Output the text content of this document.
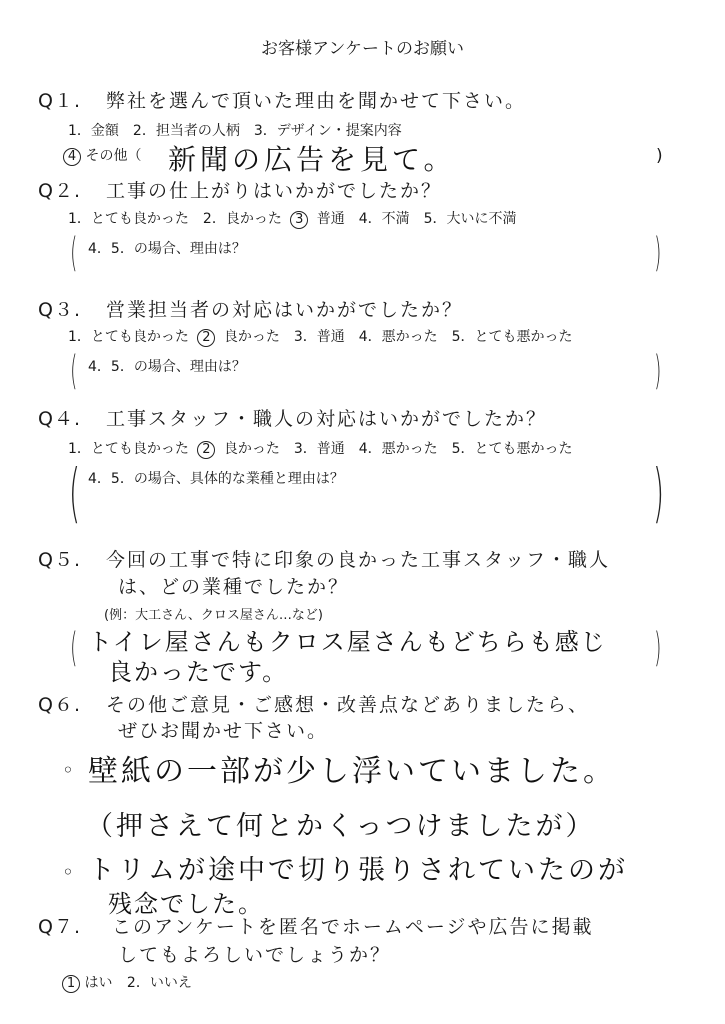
お客様アンケートのお願い
Q１. 弊社を選んで頂いた理由を聞かせて下さい。
1．金額　2．担当者の人柄　3．デザイン・提案内容
4 その他（ 新聞の広告を見て。	)
Q２. 工事の仕上がりはいかがでしたか？
1．とても良かった　2．良かった 3 普通　4．不満　5．大いに不満
( 4．5．の場合、理由は？	)
Q３. 営業担当者の対応はいかがでしたか？
1．とても良かった 2 良かった　3．普通　4．悪かった　5．とても悪かった
( 4．5．の場合、理由は？	)
Q４. 工事スタッフ・職人の対応はいかがでしたか？
1．とても良かった 2 良かった　3．普通　4．悪かった　5．とても悪かった
( 4．5．の場合、具体的な業種と理由は？	)
Q５. 今回の工事で特に印象の良かった工事スタッフ・職人
は、どの業種でしたか？
(例：大工さん、クロス屋さん…など)
( トイレ屋さんもクロス屋さんもどちらも感じ
良かったです。
)
Q６. その他ご意見・ご感想・改善点などありましたら、
ぜひお聞かせ下さい。
◦ 壁紙の一部が少し浮いていました。
（押さえて何とかくっつけましたが）
◦ トリムが途中で切り張りされていたのが
残念でした。
Q７. このアンケートを匿名でホームページや広告に掲載
してもよろしいでしょうか？
1 はい 2．いいえ
